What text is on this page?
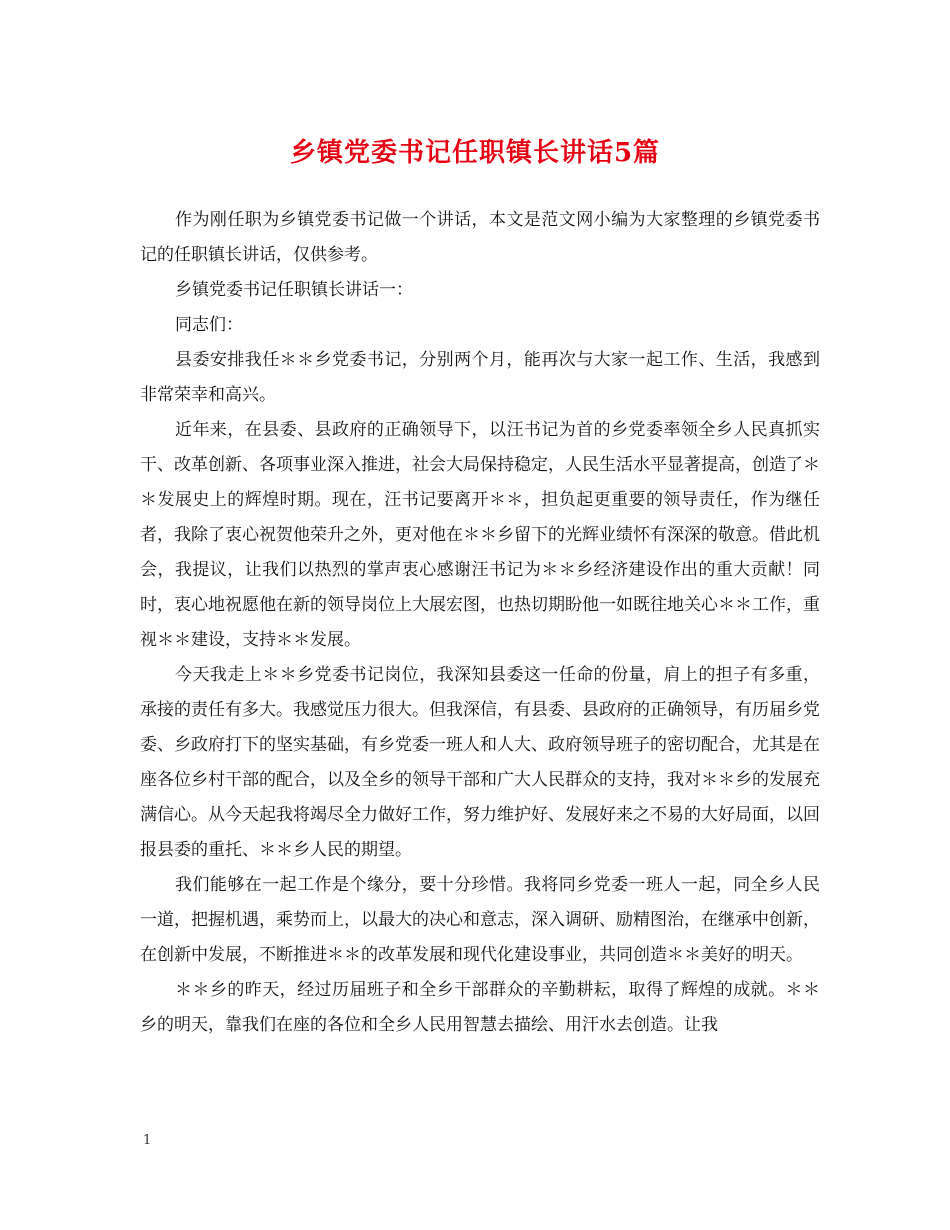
乡镇党委书记任职镇长讲话5篇

作为刚任职为乡镇党委书记做一个讲话，本文是范文网小编为大家整理的乡镇党委书记的任职镇长讲话，仅供参考。

乡镇党委书记任职镇长讲话一：

同志们：

县委安排我任＊＊乡党委书记，分别两个月，能再次与大家一起工作、生活，我感到非常荣幸和高兴。

近年来，在县委、县政府的正确领导下，以汪书记为首的乡党委率领全乡人民真抓实干、改革创新、各项事业深入推进，社会大局保持稳定，人民生活水平显著提高，创造了＊＊发展史上的辉煌时期。现在，汪书记要离开＊＊，担负起更重要的领导责任，作为继任者，我除了衷心祝贺他荣升之外，更对他在＊＊乡留下的光辉业绩怀有深深的敬意。借此机会，我提议，让我们以热烈的掌声衷心感谢汪书记为＊＊乡经济建设作出的重大贡献！同时，衷心地祝愿他在新的领导岗位上大展宏图，也热切期盼他一如既往地关心＊＊工作，重视＊＊建设，支持＊＊发展。

今天我走上＊＊乡党委书记岗位，我深知县委这一任命的份量，肩上的担子有多重，承接的责任有多大。我感觉压力很大。但我深信，有县委、县政府的正确领导，有历届乡党委、乡政府打下的坚实基础，有乡党委一班人和人大、政府领导班子的密切配合，尤其是在座各位乡村干部的配合，以及全乡的领导干部和广大人民群众的支持，我对＊＊乡的发展充满信心。从今天起我将竭尽全力做好工作，努力维护好、发展好来之不易的大好局面，以回报县委的重托、＊＊乡人民的期望。

我们能够在一起工作是个缘分，要十分珍惜。我将同乡党委一班人一起，同全乡人民一道，把握机遇，乘势而上，以最大的决心和意志，深入调研、励精图治，在继承中创新，在创新中发展，不断推进＊＊的改革发展和现代化建设事业，共同创造＊＊美好的明天。

＊＊乡的昨天，经过历届班子和全乡干部群众的辛勤耕耘，取得了辉煌的成就。＊＊乡的明天，靠我们在座的各位和全乡人民用智慧去描绘、用汗水去创造。让我

1
